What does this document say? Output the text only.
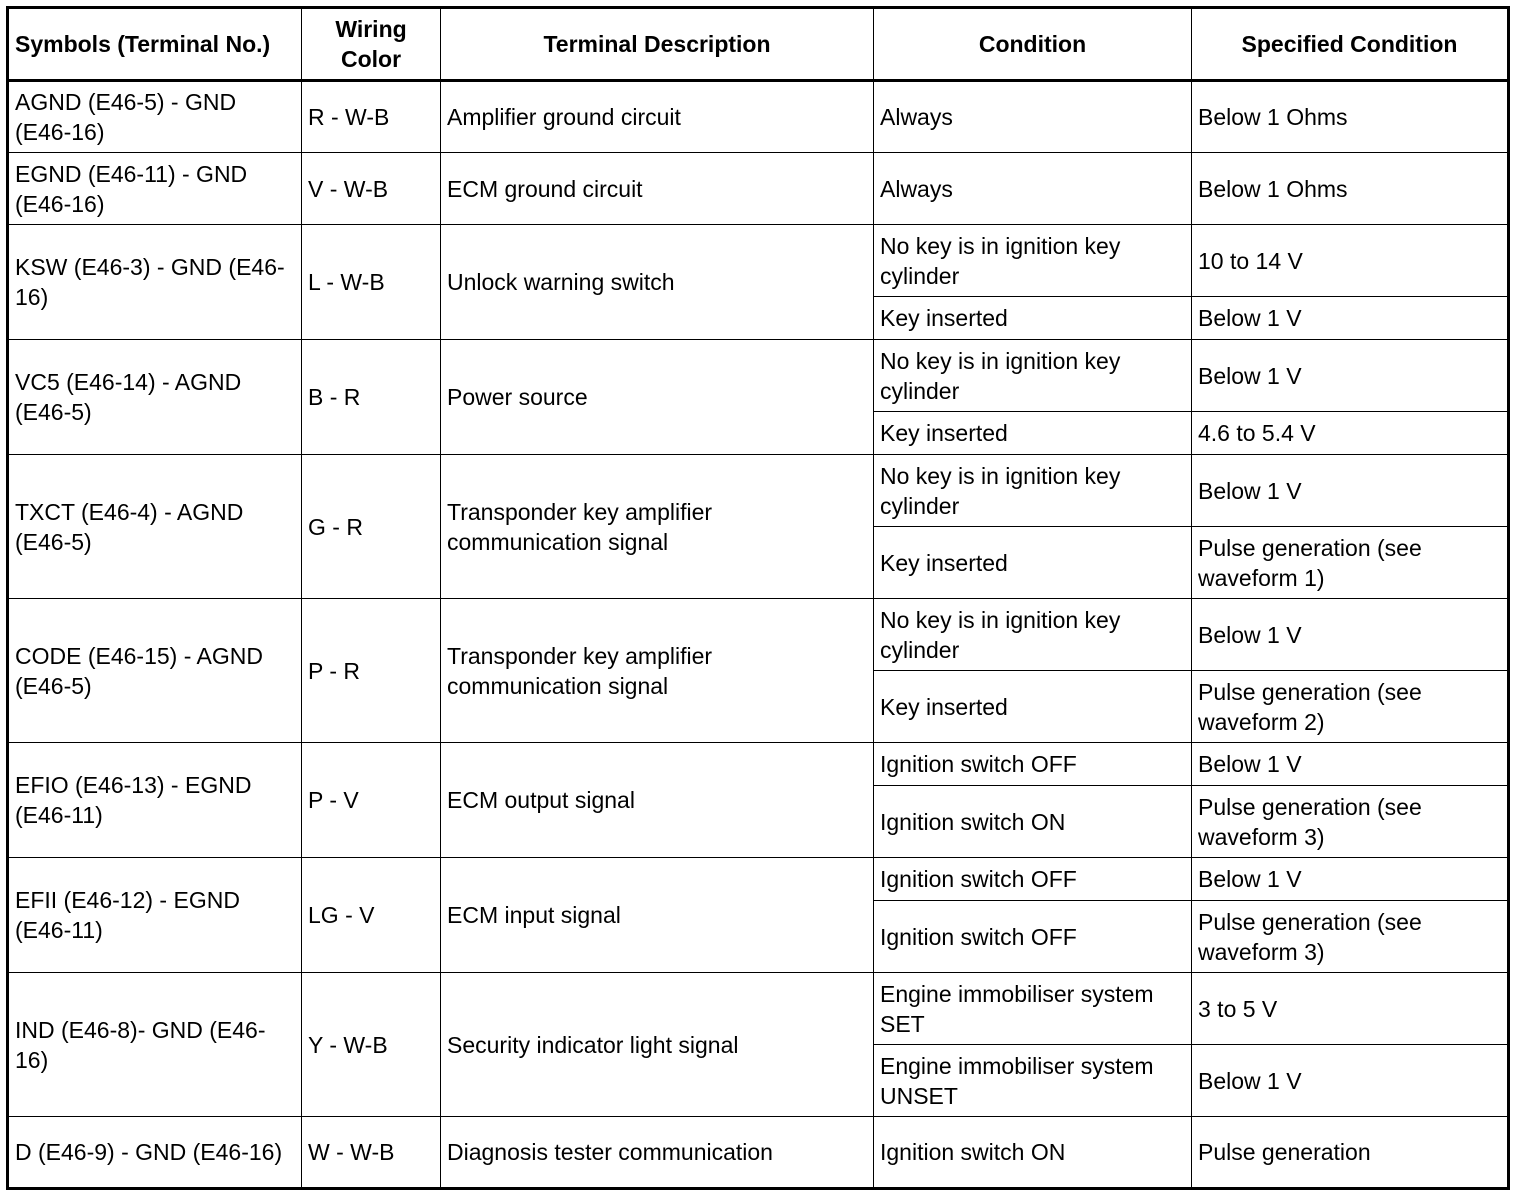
Symbols (Terminal No.)	Wiring Color	Terminal Description	Condition	Specified Condition
AGND (E46-5) - GND (E46-16)	R - W-B	Amplifier ground circuit	Always	Below 1 Ohms
EGND (E46-11) - GND (E46-16)	V - W-B	ECM ground circuit	Always	Below 1 Ohms
KSW (E46-3) - GND (E46-16)	L - W-B	Unlock warning switch	No key is in ignition key cylinder	10 to 14 V
			Key inserted	Below 1 V
VC5 (E46-14) - AGND (E46-5)	B - R	Power source	No key is in ignition key cylinder	Below 1 V
			Key inserted	4.6 to 5.4 V
TXCT (E46-4) - AGND (E46-5)	G - R	Transponder key amplifier communication signal	No key is in ignition key cylinder	Below 1 V
			Key inserted	Pulse generation (see waveform 1)
CODE (E46-15) - AGND (E46-5)	P - R	Transponder key amplifier communication signal	No key is in ignition key cylinder	Below 1 V
			Key inserted	Pulse generation (see waveform 2)
EFIO (E46-13) - EGND (E46-11)	P - V	ECM output signal	Ignition switch OFF	Below 1 V
			Ignition switch ON	Pulse generation (see waveform 3)
EFII (E46-12) - EGND (E46-11)	LG - V	ECM input signal	Ignition switch OFF	Below 1 V
			Ignition switch OFF	Pulse generation (see waveform 3)
IND (E46-8)- GND (E46-16)	Y - W-B	Security indicator light signal	Engine immobiliser system SET	3 to 5 V
			Engine immobiliser system UNSET	Below 1 V
D (E46-9) - GND (E46-16)	W - W-B	Diagnosis tester communication	Ignition switch ON	Pulse generation
